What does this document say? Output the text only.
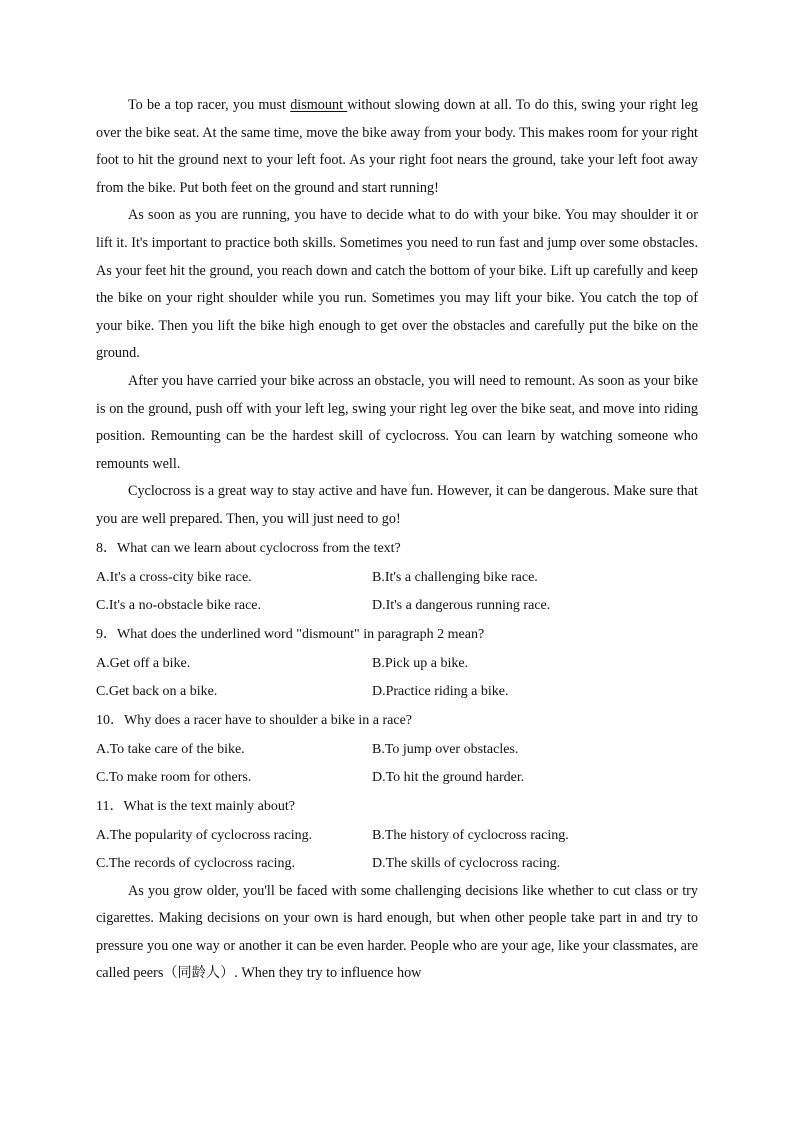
To be a top racer, you must dismount without slowing down at all. To do this, swing your right leg over the bike seat. At the same time, move the bike away from your body. This makes room for your right foot to hit the ground next to your left foot. As your right foot nears the ground, take your left foot away from the bike. Put both feet on the ground and start running!

As soon as you are running, you have to decide what to do with your bike. You may shoulder it or lift it. It's important to practice both skills. Sometimes you need to run fast and jump over some obstacles. As your feet hit the ground, you reach down and catch the bottom of your bike. Lift up carefully and keep the bike on your right shoulder while you run. Sometimes you may lift your bike. You catch the top of your bike. Then you lift the bike high enough to get over the obstacles and carefully put the bike on the ground.

After you have carried your bike across an obstacle, you will need to remount. As soon as your bike is on the ground, push off with your left leg, swing your right leg over the bike seat, and move into riding position. Remounting can be the hardest skill of cyclocross. You can learn by watching someone who remounts well.

Cyclocross is a great way to stay active and have fun. However, it can be dangerous. Make sure that you are well prepared. Then, you will just need to go!

8．What can we learn about cyclocross from the text?

A.It's a cross-city bike race.	B.It's a challenging bike race.
C.It's a no-obstacle bike race.	D.It's a dangerous running race.

9．What does the underlined word "dismount" in paragraph 2 mean?

A.Get off a bike.	B.Pick up a bike.
C.Get back on a bike.	D.Practice riding a bike.

10．Why does a racer have to shoulder a bike in a race?

A.To take care of the bike.	B.To jump over obstacles.
C.To make room for others.	D.To hit the ground harder.

11．What is the text mainly about?

A.The popularity of cyclocross racing.	B.The history of cyclocross racing.
C.The records of cyclocross racing.	D.The skills of cyclocross racing.

As you grow older, you'll be faced with some challenging decisions like whether to cut class or try cigarettes. Making decisions on your own is hard enough, but when other people take part in and try to pressure you one way or another it can be even harder. People who are your age, like your classmates, are called peers（同龄人）. When they try to influence how
